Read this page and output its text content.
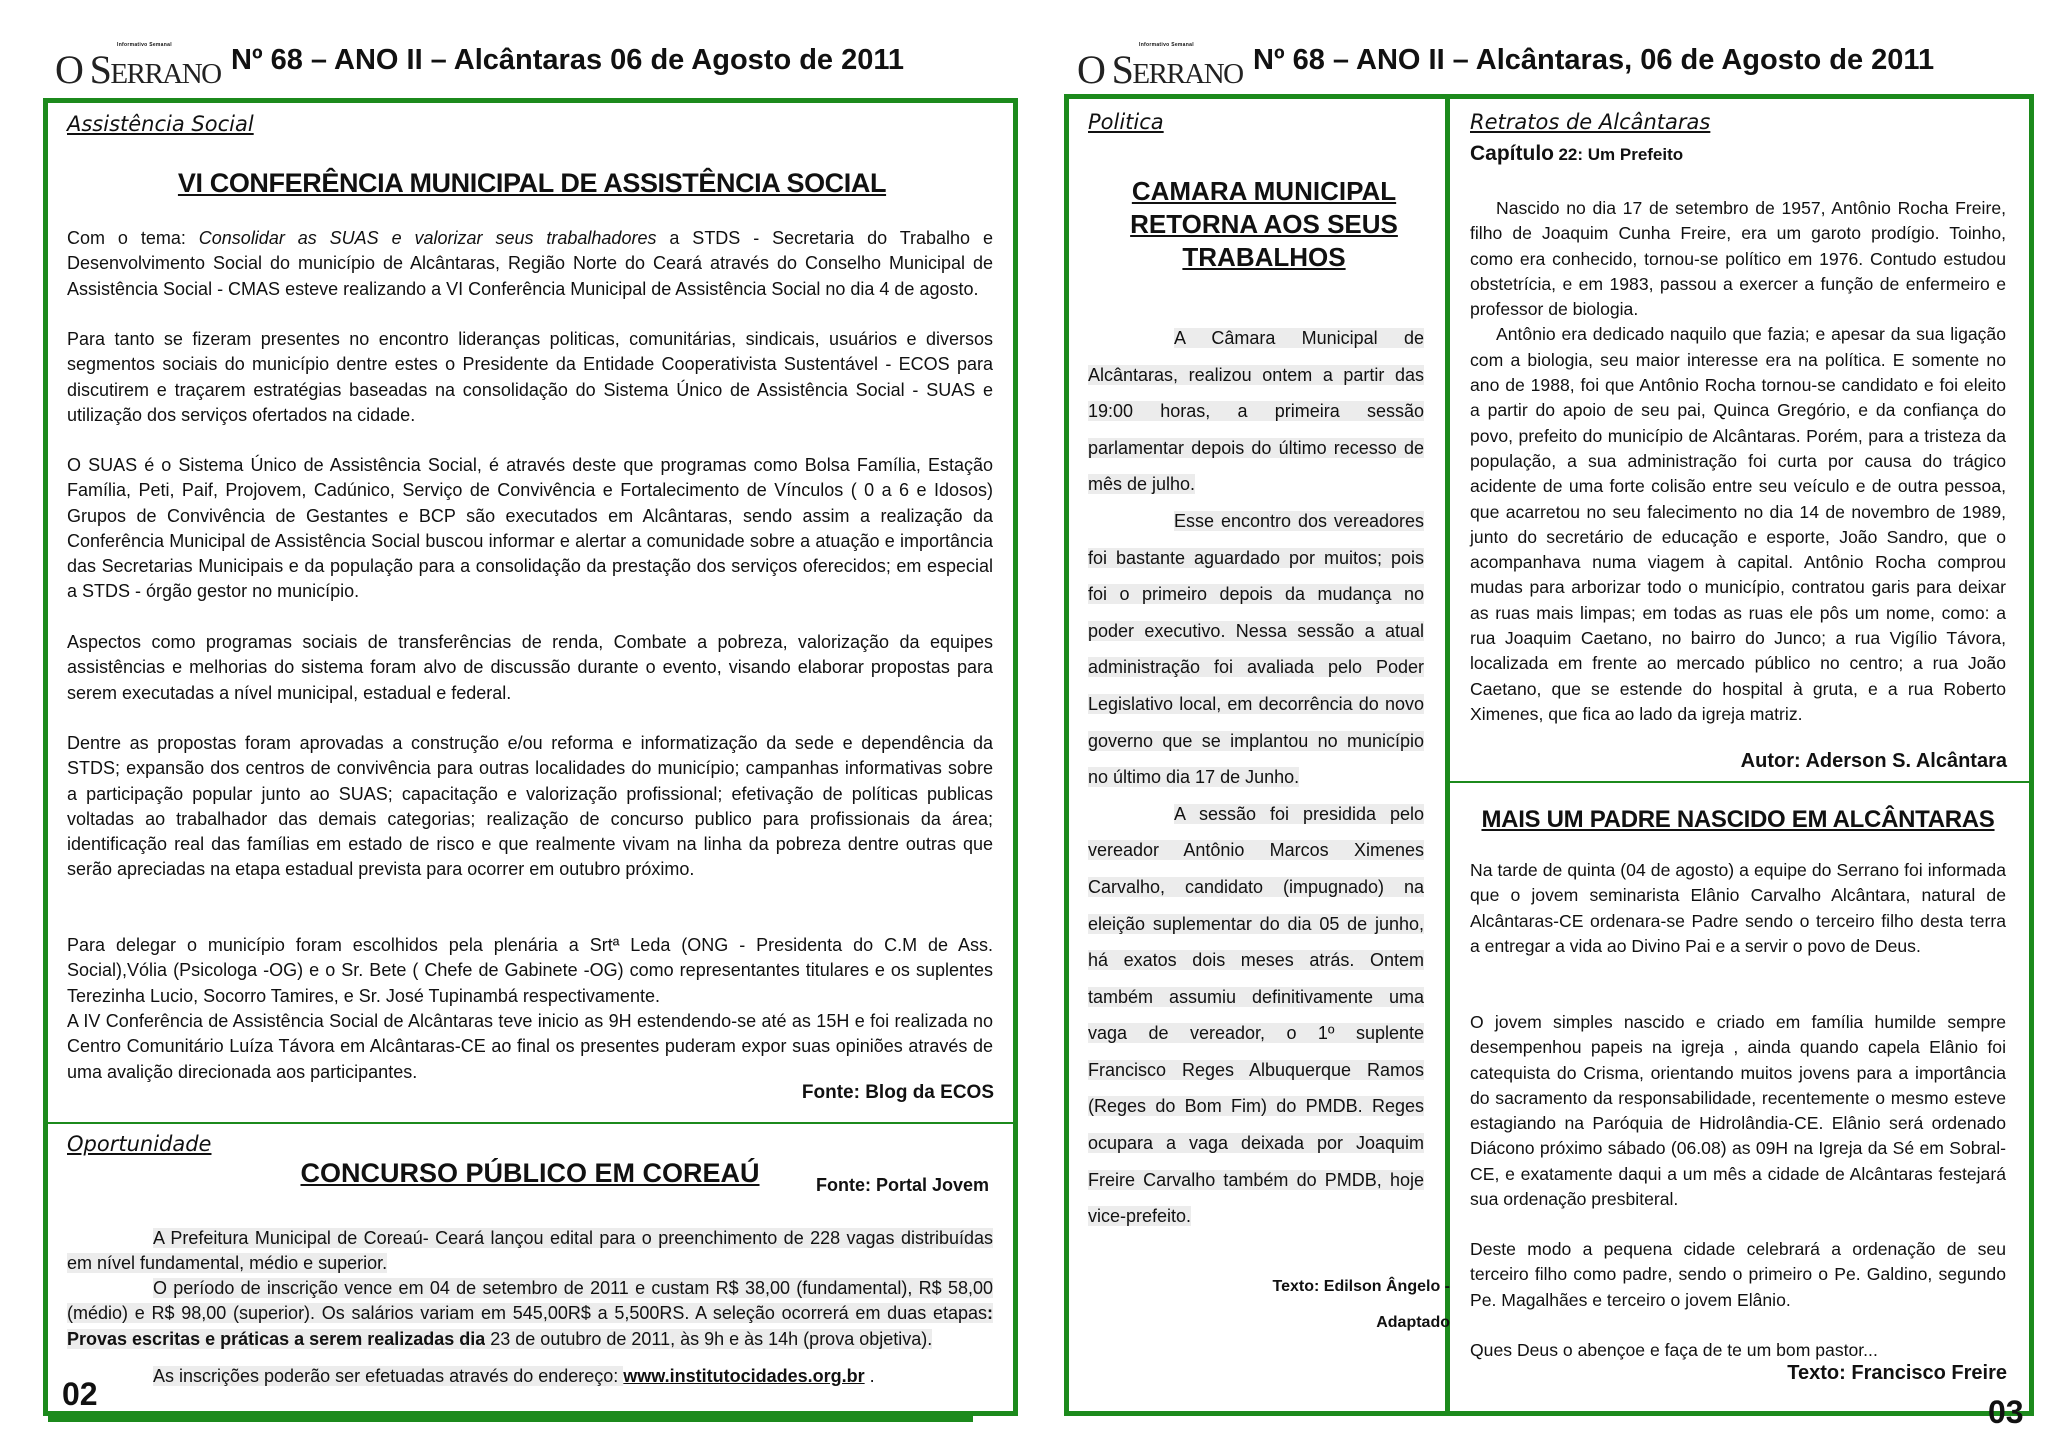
Informativo Semanal
O SERRANO Nº 68 – ANO II – Alcântaras 06 de Agosto de 2011
Assistência Social
VI CONFERÊNCIA MUNICIPAL DE ASSISTÊNCIA SOCIAL

Com o tema: Consolidar as SUAS e valorizar seus trabalhadores a STDS - Secretaria do Trabalho e Desenvolvimento Social do município de Alcântaras, Região Norte do Ceará através do Conselho Municipal de Assistência Social - CMAS esteve realizando a VI Conferência Municipal de Assistência Social no dia 4 de agosto.

Para tanto se fizeram presentes no encontro lideranças politicas, comunitárias, sindicais, usuários e diversos segmentos sociais do município dentre estes o Presidente da Entidade Cooperativista Sustentável - ECOS para discutirem e traçarem estratégias baseadas na consolidação do Sistema Único de Assistência Social - SUAS e utilização dos serviços ofertados na cidade.

O SUAS é o Sistema Único de Assistência Social, é através deste que programas como Bolsa Família, Estação Família, Peti, Paif, Projovem, Cadúnico, Serviço de Convivência e Fortalecimento de Vínculos ( 0 a 6 e Idosos) Grupos de Convivência de Gestantes e BCP são executados em Alcântaras, sendo assim a realização da Conferência Municipal de Assistência Social buscou informar e alertar a comunidade sobre a atuação e importância das Secretarias Municipais e da população para a consolidação da prestação dos serviços oferecidos; em especial a STDS - órgão gestor no município.

Aspectos como programas sociais de transferências de renda, Combate a pobreza, valorização da equipes assistências e melhorias do sistema foram alvo de discussão durante o evento, visando elaborar propostas para serem executadas a nível municipal, estadual e federal.

Dentre as propostas foram aprovadas a construção e/ou reforma e informatização da sede e dependência da STDS; expansão dos centros de convivência para outras localidades do município; campanhas informativas sobre a participação popular junto ao SUAS; capacitação e valorização profissional; efetivação de políticas publicas voltadas ao trabalhador das demais categorias; realização de concurso publico para profissionais da área; identificação real das famílias em estado de risco e que realmente vivam na linha da pobreza dentre outras que serão apreciadas na etapa estadual prevista para ocorrer em outubro próximo.

Para delegar o município foram escolhidos pela plenária a Srtª Leda (ONG - Presidenta do C.M de Ass. Social),Vólia (Psicologa -OG) e o Sr. Bete ( Chefe de Gabinete -OG) como representantes titulares e os suplentes Terezinha Lucio, Socorro Tamires, e Sr. José Tupinambá respectivamente.

A IV Conferência de Assistência Social de Alcântaras teve inicio as 9H estendendo-se até as 15H e foi realizada no Centro Comunitário Luíza Távora em Alcântaras-CE ao final os presentes puderam expor suas opiniões através de uma avalição direcionada aos participantes.

Fonte: Blog da ECOS
Oportunidade
CONCURSO PÚBLICO EM COREAÚ	Fonte: Portal Jovem

A Prefeitura Municipal de Coreaú- Ceará lançou edital para o preenchimento de 228 vagas distribuídas em nível fundamental, médio e superior.

O período de inscrição vence em 04 de setembro de 2011 e custam R$ 38,00 (fundamental), R$ 58,00 (médio) e R$ 98,00 (superior). Os salários variam em 545,00R$ a 5,500RS. A seleção ocorrerá em duas etapas: Provas escritas e práticas a serem realizadas dia 23 de outubro de 2011, às 9h e às 14h (prova objetiva).

As inscrições poderão ser efetuadas através do endereço: www.institutocidades.org.br .

02
Informativo Semanal
O SERRANO Nº 68 – ANO II – Alcântaras, 06 de Agosto de 2011
Politica
CAMARA MUNICIPAL RETORNA AOS SEUS TRABALHOS

A Câmara Municipal de Alcântaras, realizou ontem a partir das 19:00 horas, a primeira sessão parlamentar depois do último recesso de mês de julho.

Esse encontro dos vereadores foi bastante aguardado por muitos; pois foi o primeiro depois da mudança no poder executivo. Nessa sessão a atual administração foi avaliada pelo Poder Legislativo local, em decorrência do novo governo que se implantou no município no último dia 17 de Junho.

A sessão foi presidida pelo vereador Antônio Marcos Ximenes Carvalho, candidato (impugnado) na eleição suplementar do dia 05 de junho, há exatos dois meses atrás. Ontem também assumiu definitivamente uma vaga de vereador, o 1º suplente Francisco Reges Albuquerque Ramos (Reges do Bom Fim) do PMDB. Reges ocupara a vaga deixada por Joaquim Freire Carvalho também do PMDB, hoje vice-prefeito.

Texto: Edilson Ângelo -
Adaptado
Retratos de Alcântaras
Capítulo 22: Um Prefeito

Nascido no dia 17 de setembro de 1957, Antônio Rocha Freire, filho de Joaquim Cunha Freire, era um garoto prodígio. Toinho, como era conhecido, tornou-se político em 1976. Contudo estudou obstetrícia, e em 1983, passou a exercer a função de enfermeiro e professor de biologia.

Antônio era dedicado naquilo que fazia; e apesar da sua ligação com a biologia, seu maior interesse era na política. E somente no ano de 1988, foi que Antônio Rocha tornou-se candidato e foi eleito a partir do apoio de seu pai, Quinca Gregório, e da confiança do povo, prefeito do município de Alcântaras. Porém, para a tristeza da população, a sua administração foi curta por causa do trágico acidente de uma forte colisão entre seu veículo e de outra pessoa, que acarretou no seu falecimento no dia 14 de novembro de 1989, junto do secretário de educação e esporte, João Sandro, que o acompanhava numa viagem à capital. Antônio Rocha comprou mudas para arborizar todo o município, contratou garis para deixar as ruas mais limpas; em todas as ruas ele pôs um nome, como: a rua Joaquim Caetano, no bairro do Junco; a rua Vigílio Távora, localizada em frente ao mercado público no centro; a rua João Caetano, que se estende do hospital à gruta, e a rua Roberto Ximenes, que fica ao lado da igreja matriz.

Autor: Aderson S. Alcântara
MAIS UM PADRE NASCIDO EM ALCÂNTARAS

Na tarde de quinta (04 de agosto) a equipe do Serrano foi informada que o jovem seminarista Elânio Carvalho Alcântara, natural de Alcântaras-CE ordenara-se Padre sendo o terceiro filho desta terra a entregar a vida ao Divino Pai e a servir o povo de Deus.

O jovem simples nascido e criado em família humilde sempre desempenhou papeis na igreja , ainda quando capela Elânio foi catequista do Crisma, orientando muitos jovens para a importância do sacramento da responsabilidade, recentemente o mesmo esteve estagiando na Paróquia de Hidrolândia-CE. Elânio será ordenado Diácono próximo sábado (06.08) as 09H na Igreja da Sé em Sobral-CE, e exatamente daqui a um mês a cidade de Alcântaras festejará sua ordenação presbiteral.

Deste modo a pequena cidade celebrará a ordenação de seu terceiro filho como padre, sendo o primeiro o Pe. Galdino, segundo Pe. Magalhães e terceiro o jovem Elânio.

Ques Deus o abençoe e faça de te um bom pastor...

Texto: Francisco Freire
03
